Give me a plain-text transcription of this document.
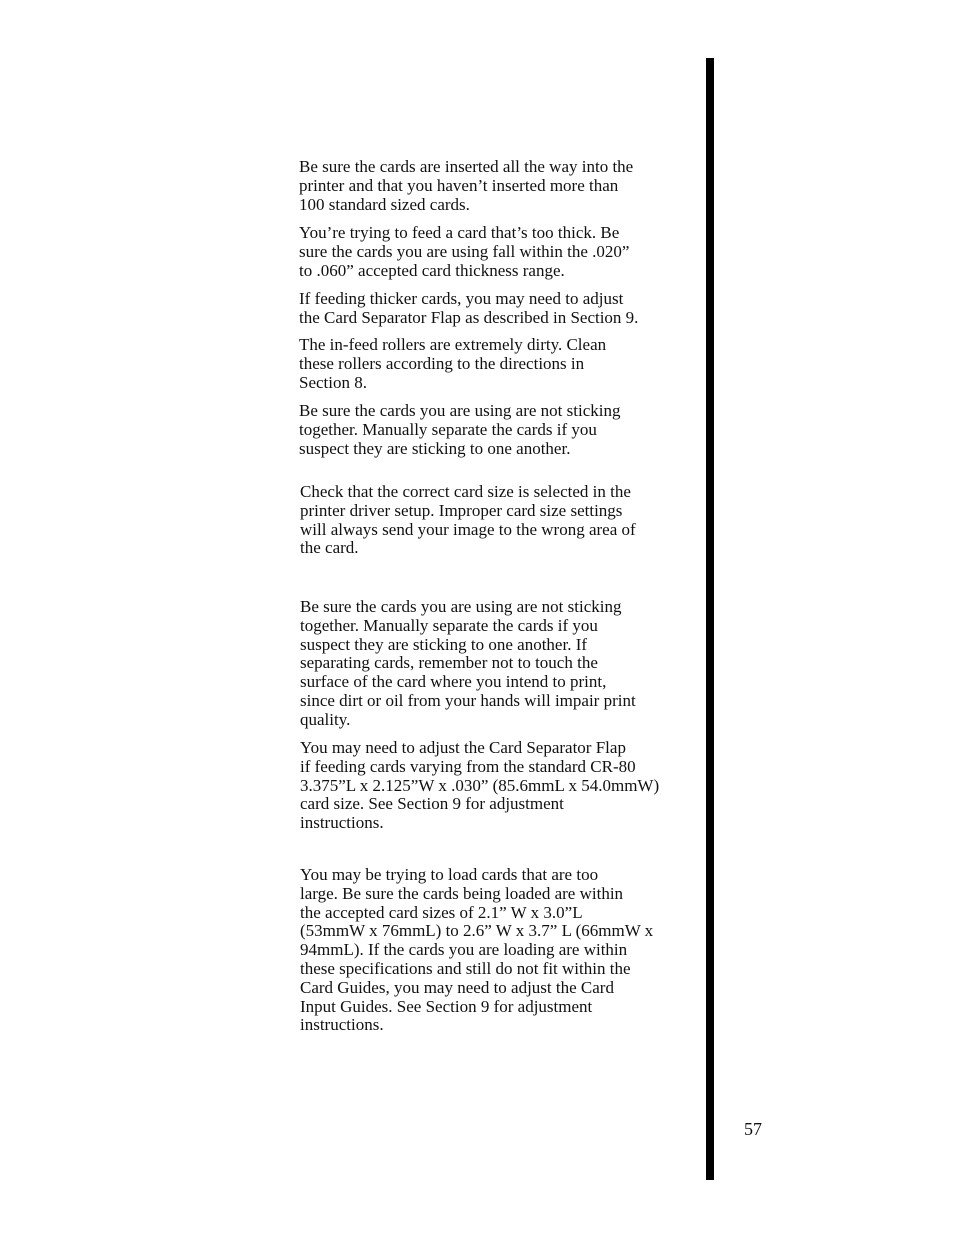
Be sure the cards are inserted all the way into the
printer and that you haven’t inserted more than
100 standard sized cards.

You’re trying to feed a card that’s too thick. Be
sure the cards you are using fall within the .020”
to .060” accepted card thickness range.

If feeding thicker cards, you may need to adjust
the Card Separator Flap as described in Section 9.

The in-feed rollers are extremely dirty. Clean
these rollers according to the directions in
Section 8.

Be sure the cards you are using are not sticking
together. Manually separate the cards if you
suspect they are sticking to one another.

Check that the correct card size is selected in the
printer driver setup. Improper card size settings
will always send your image to the wrong area of
the card.

Be sure the cards you are using are not sticking
together. Manually separate the cards if you
suspect they are sticking to one another. If
separating cards, remember not to touch the
surface of the card where you intend to print,
since dirt or oil from your hands will impair print
quality.

You may need to adjust the Card Separator Flap
if feeding cards varying from the standard CR-80
3.375”L x 2.125”W x .030” (85.6mmL x 54.0mmW)
card size. See Section 9 for adjustment
instructions.

You may be trying to load cards that are too
large. Be sure the cards being loaded are within
the accepted card sizes of 2.1” W x 3.0”L
(53mmW x 76mmL) to 2.6” W x 3.7” L (66mmW x
94mmL). If the cards you are loading are within
these specifications and still do not fit within the
Card Guides, you may need to adjust the Card
Input Guides. See Section 9 for adjustment
instructions.

57
